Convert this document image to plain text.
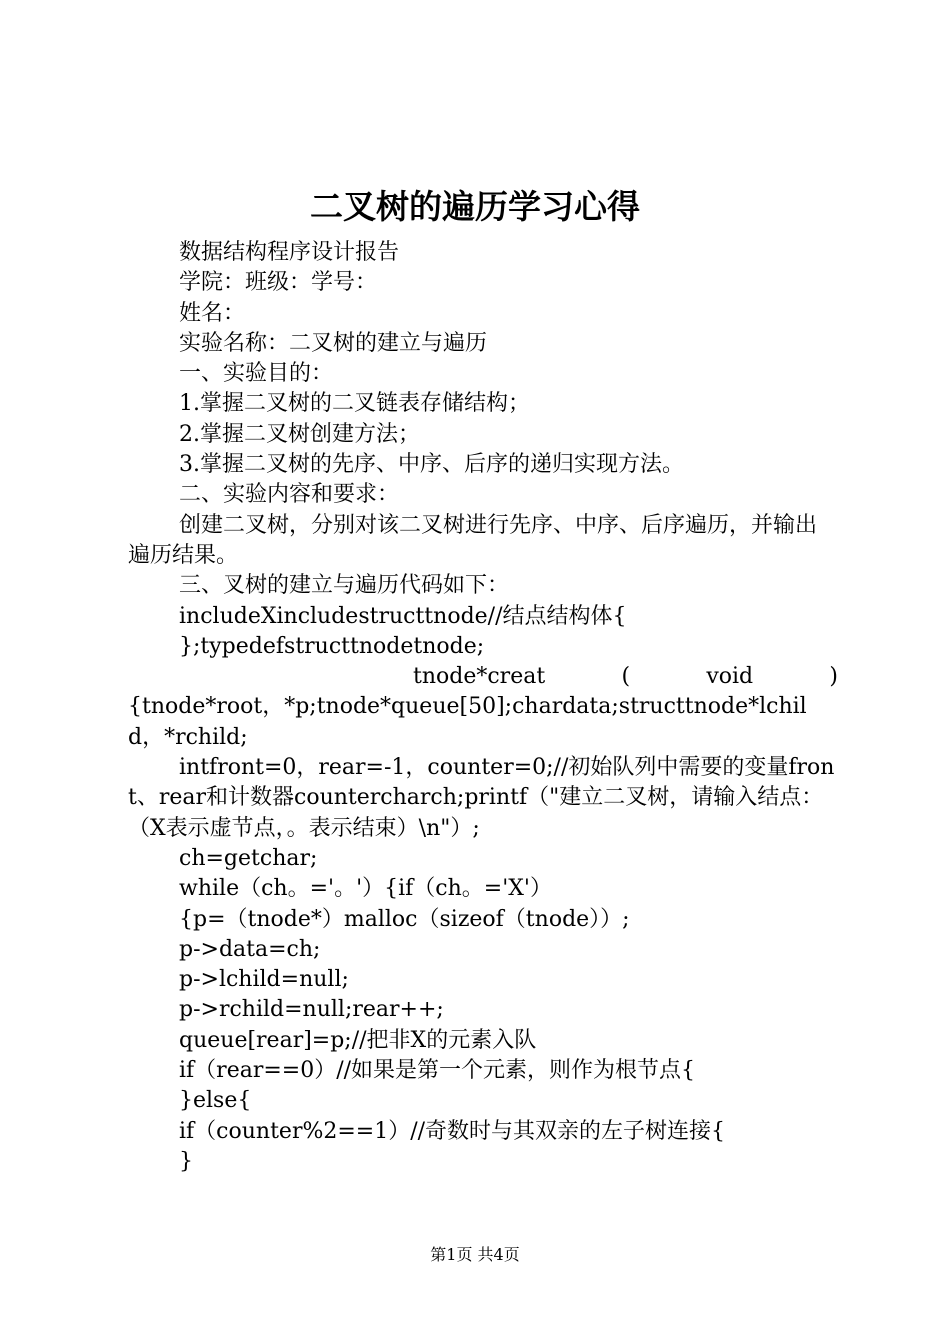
二叉树的遍历学习心得

数据结构程序设计报告

学院：班级：学号：

姓名：

实验名称：二叉树的建立与遍历

一、实验目的：

1.掌握二叉树的二叉链表存储结构；

2.掌握二叉树创建方法；

3.掌握二叉树的先序、中序、后序的递归实现方法。

二、实验内容和要求：

创建二叉树，分别对该二叉树进行先序、中序、后序遍历，并输出遍历结果。

三、叉树的建立与遍历代码如下：

includeXincludestructtnode//结点结构体{

};typedefstructtnodetnode;

tnode*creat ( void )

{tnode*root，*p;tnode*queue[50];chardata;structtnode*lchild，*rchild;

intfront=0，rear=-1，counter=0;//初始队列中需要的变量front、rear和计数器countercharch;printf（"建立二叉树，请输入结点：（X表示虚节点，。表示结束）\n"）;

ch=getchar;

while（ch。='。'）{if（ch。='X'）

{p=（tnode*）malloc（sizeof（tnode））;

p->data=ch;

p->lchild=null;

p->rchild=null;rear++;

queue[rear]=p;//把非X的元素入队

if（rear==0）//如果是第一个元素，则作为根节点{

}else{

if（counter%2==1）//奇数时与其双亲的左子树连接{

}

第1页 共4页
